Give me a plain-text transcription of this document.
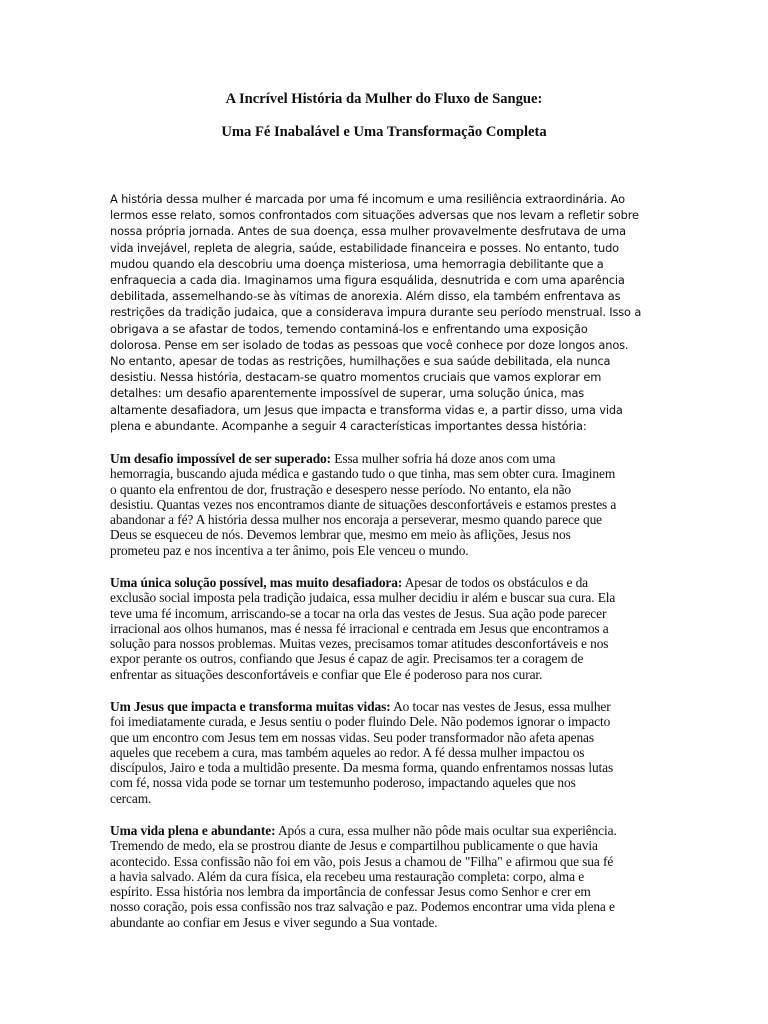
A Incrível História da Mulher do Fluxo de Sangue:
Uma Fé Inabalável e Uma Transformação Completa

A história dessa mulher é marcada por uma fé incomum e uma resiliência extraordinária. Ao
lermos esse relato, somos confrontados com situações adversas que nos levam a refletir sobre
nossa própria jornada. Antes de sua doença, essa mulher provavelmente desfrutava de uma
vida invejável, repleta de alegria, saúde, estabilidade financeira e posses. No entanto, tudo
mudou quando ela descobriu uma doença misteriosa, uma hemorragia debilitante que a
enfraquecia a cada dia. Imaginamos uma figura esquálida, desnutrida e com uma aparência
debilitada, assemelhando-se às vítimas de anorexia. Além disso, ela também enfrentava as
restrições da tradição judaica, que a considerava impura durante seu período menstrual. Isso a
obrigava a se afastar de todos, temendo contaminá-los e enfrentando uma exposição
dolorosa. Pense em ser isolado de todas as pessoas que você conhece por doze longos anos.
No entanto, apesar de todas as restrições, humilhações e sua saúde debilitada, ela nunca
desistiu. Nessa história, destacam-se quatro momentos cruciais que vamos explorar em
detalhes: um desafio aparentemente impossível de superar, uma solução única, mas
altamente desafiadora, um Jesus que impacta e transforma vidas e, a partir disso, uma vida
plena e abundante. Acompanhe a seguir 4 características importantes dessa história:

Um desafio impossível de ser superado: Essa mulher sofria há doze anos com uma
hemorragia, buscando ajuda médica e gastando tudo o que tinha, mas sem obter cura. Imaginem
o quanto ela enfrentou de dor, frustração e desespero nesse período. No entanto, ela não
desistiu. Quantas vezes nos encontramos diante de situações desconfortáveis e estamos prestes a
abandonar a fé? A história dessa mulher nos encoraja a perseverar, mesmo quando parece que
Deus se esqueceu de nós. Devemos lembrar que, mesmo em meio às aflições, Jesus nos
prometeu paz e nos incentiva a ter ânimo, pois Ele venceu o mundo.

Uma única solução possível, mas muito desafiadora: Apesar de todos os obstáculos e da
exclusão social imposta pela tradição judaica, essa mulher decidiu ir além e buscar sua cura. Ela
teve uma fé incomum, arriscando-se a tocar na orla das vestes de Jesus. Sua ação pode parecer
irracional aos olhos humanos, mas é nessa fé irracional e centrada em Jesus que encontramos a
solução para nossos problemas. Muitas vezes, precisamos tomar atitudes desconfortáveis e nos
expor perante os outros, confiando que Jesus é capaz de agir. Precisamos ter a coragem de
enfrentar as situações desconfortáveis e confiar que Ele é poderoso para nos curar.

Um Jesus que impacta e transforma muitas vidas: Ao tocar nas vestes de Jesus, essa mulher
foi imediatamente curada, e Jesus sentiu o poder fluindo Dele. Não podemos ignorar o impacto
que um encontro com Jesus tem em nossas vidas. Seu poder transformador não afeta apenas
aqueles que recebem a cura, mas também aqueles ao redor. A fé dessa mulher impactou os
discípulos, Jairo e toda a multidão presente. Da mesma forma, quando enfrentamos nossas lutas
com fé, nossa vida pode se tornar um testemunho poderoso, impactando aqueles que nos
cercam.

Uma vida plena e abundante: Após a cura, essa mulher não pôde mais ocultar sua experiência.
Tremendo de medo, ela se prostrou diante de Jesus e compartilhou publicamente o que havia
acontecido. Essa confissão não foi em vão, pois Jesus a chamou de "Filha" e afirmou que sua fé
a havia salvado. Além da cura física, ela recebeu uma restauração completa: corpo, alma e
espírito. Essa história nos lembra da importância de confessar Jesus como Senhor e crer em
nosso coração, pois essa confissão nos traz salvação e paz. Podemos encontrar uma vida plena e
abundante ao confiar em Jesus e viver segundo a Sua vontade.
